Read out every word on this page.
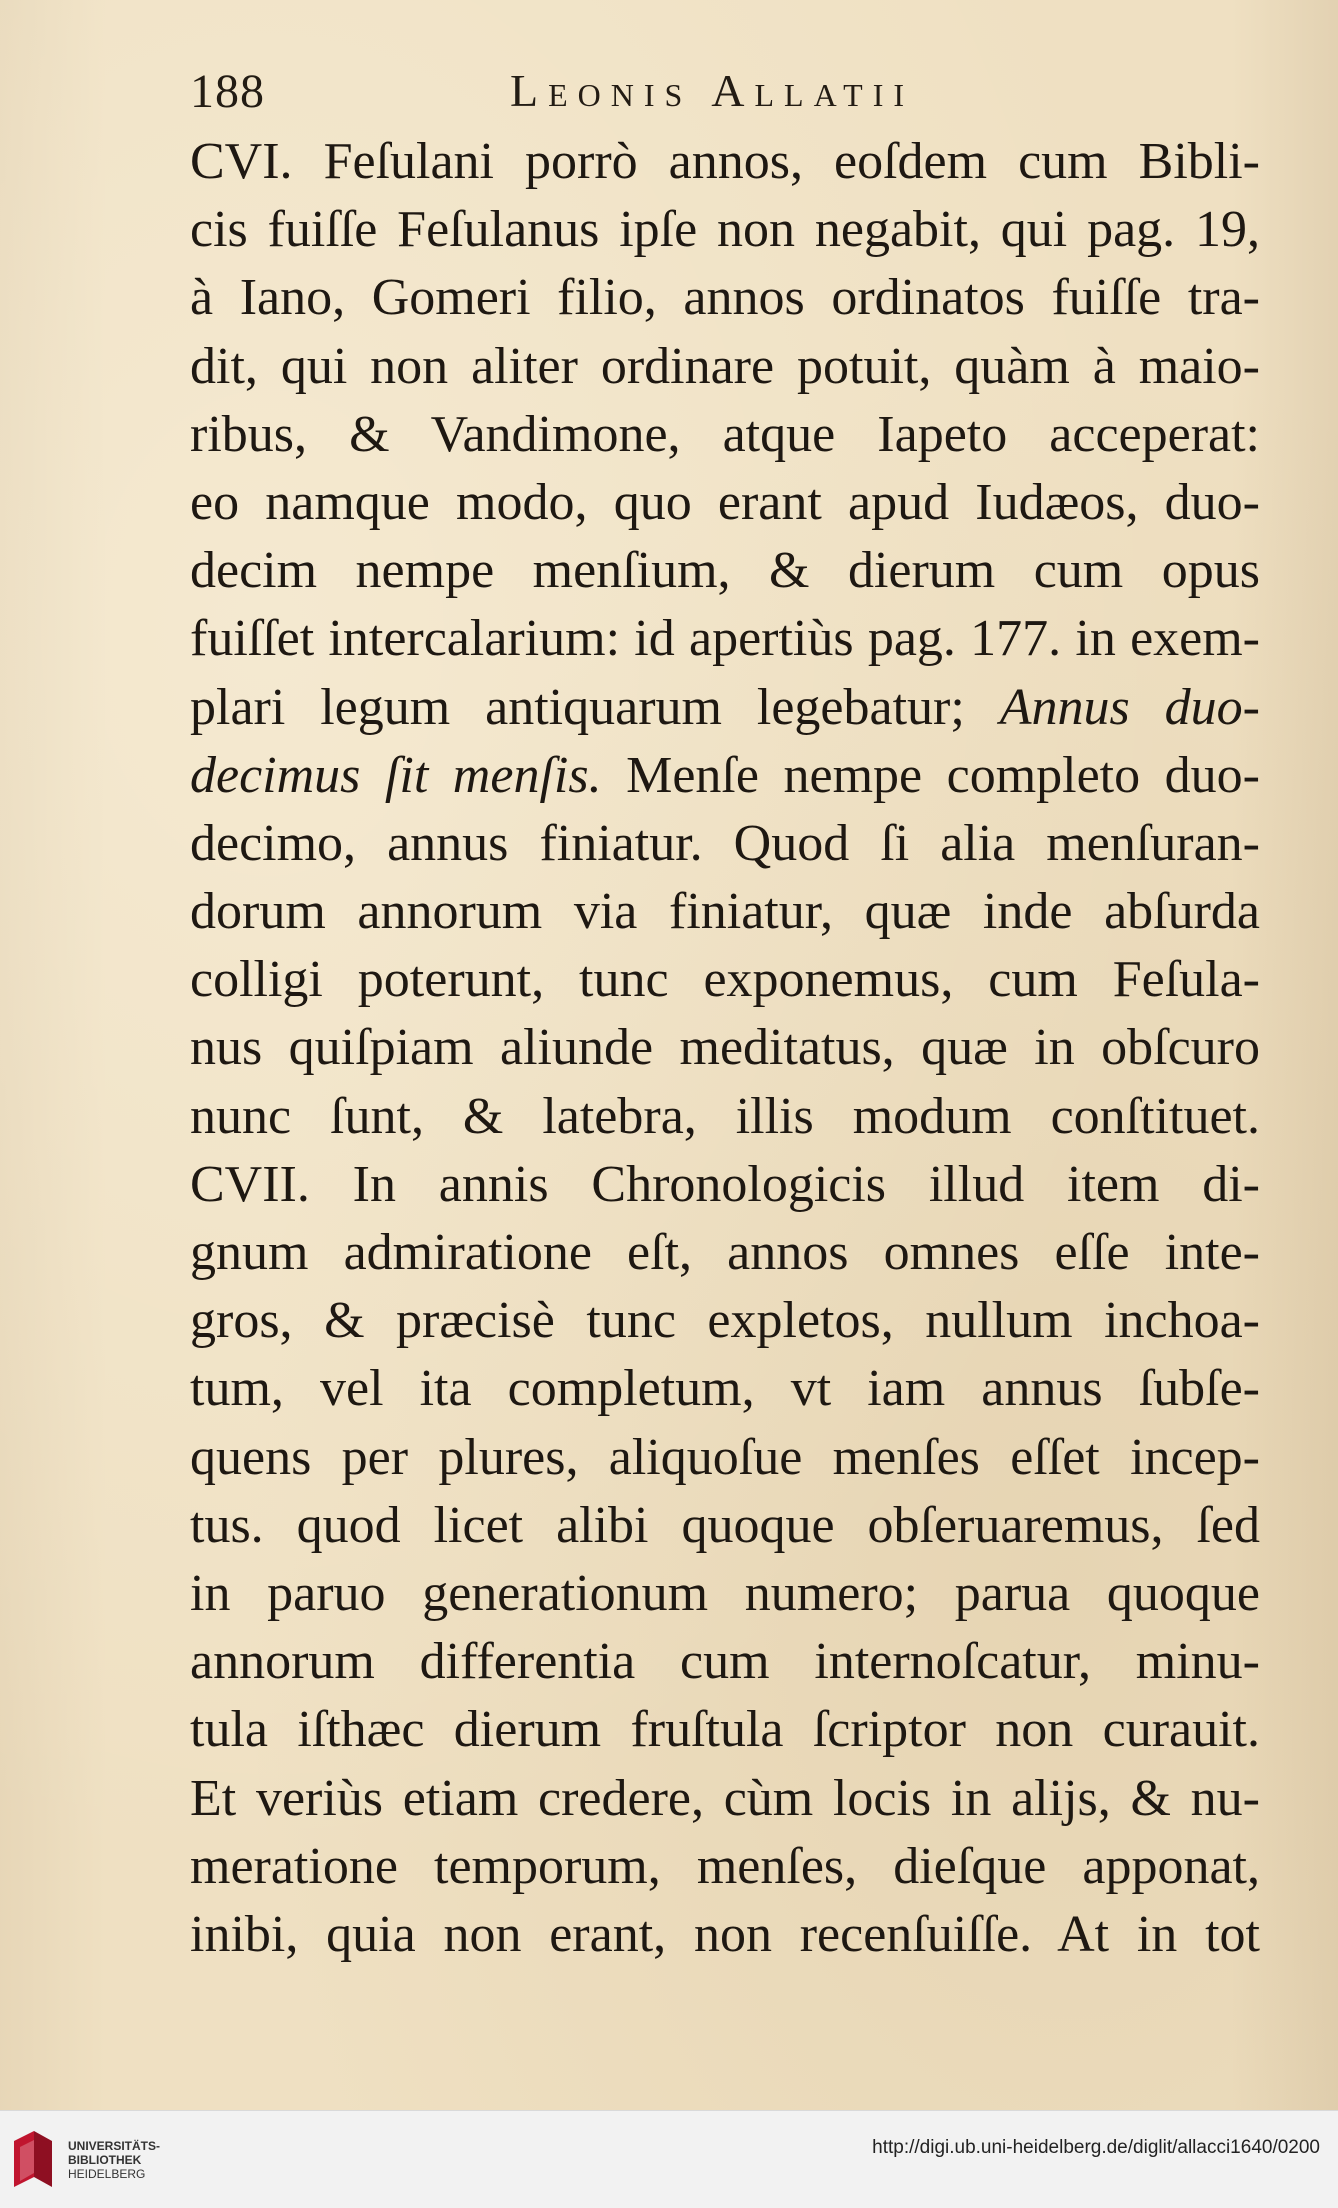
188	Leonis Allatii
CVI. Feſulani porrò annos, eoſdem cum Bibli-
cis fuiſſe Feſulanus ipſe non negabit, qui pag. 19,
à Iano, Gomeri filio, annos ordinatos fuiſſe tra-
dit, qui non aliter ordinare potuit, quàm à maio-
ribus, & Vandimone, atque Iapeto acceperat:
eo namque modo, quo erant apud Iudæos, duo-
decim nempe menſium, & dierum cum opus
fuiſſet intercalarium: id apertiùs pag. 177. in exem-
plari legum antiquarum legebatur; Annus duo-
decimus ſit menſis. Menſe nempe completo duo-
decimo, annus finiatur. Quod ſi alia menſuran-
dorum annorum via finiatur, quæ inde abſurda
colligi poterunt, tunc exponemus, cum Feſula-
nus quiſpiam aliunde meditatus, quæ in obſcuro
nunc ſunt, & latebra, illis modum conſtituet.
CVII. In annis Chronologicis illud item di-
gnum admiratione eſt, annos omnes eſſe inte-
gros, & præcisè tunc expletos, nullum inchoa-
tum, vel ita completum, vt iam annus ſubſe-
quens per plures, aliquoſue menſes eſſet incep-
tus. quod licet alibi quoque obſeruaremus, ſed
in paruo generationum numero; parua quoque
annorum differentia cum internoſcatur, minu-
tula iſthæc dierum fruſtula ſcriptor non curauit.
Et veriùs etiam credere, cùm locis in alijs, & nu-
meratione temporum, menſes, dieſque apponat,
inibi, quia non erant, non recenſuiſſe. At in tot
UNIVERSITÄTS-
BIBLIOTHEK
HEIDELBERG
http://digi.ub.uni-heidelberg.de/diglit/allacci1640/0200
